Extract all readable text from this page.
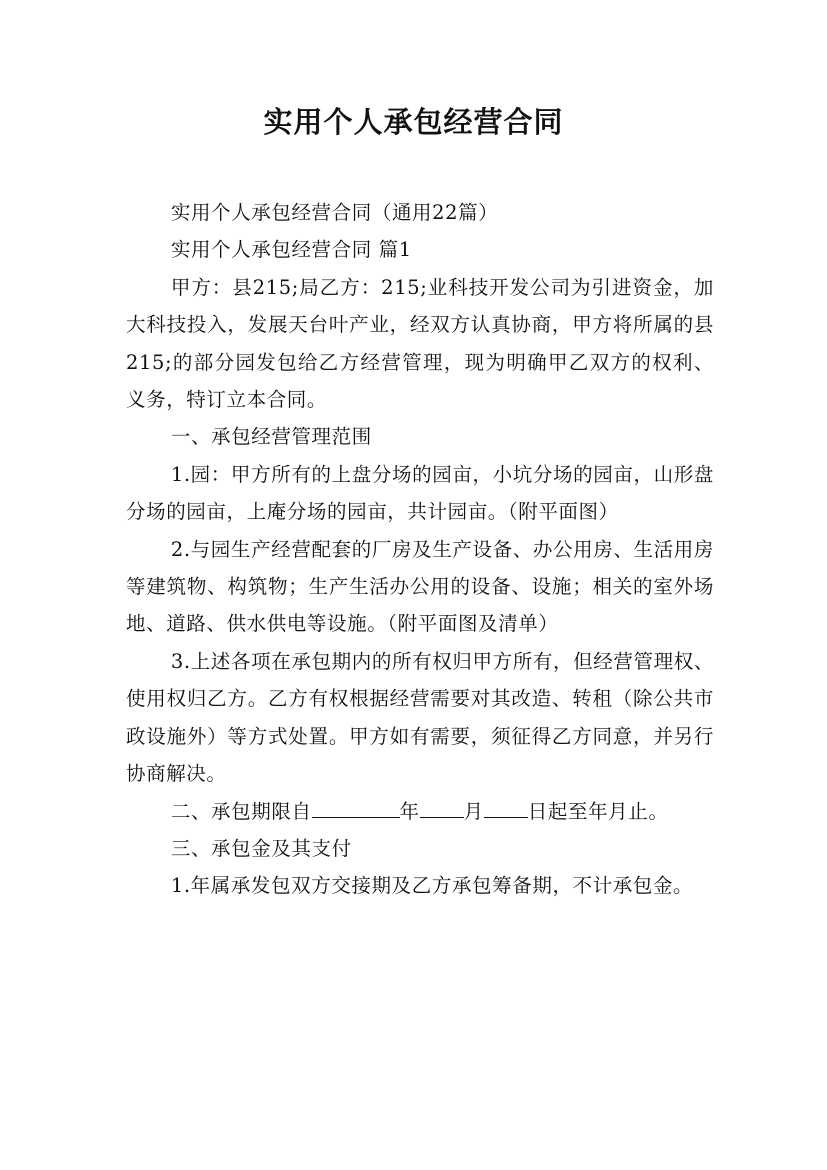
实用个人承包经营合同

实用个人承包经营合同（通用22篇）

实用个人承包经营合同 篇1

甲方：县215;局乙方：215;业科技开发公司为引进资金，加大科技投入，发展天台叶产业，经双方认真协商，甲方将所属的县215;的部分园发包给乙方经营管理，现为明确甲乙双方的权利、义务，特订立本合同。

一、承包经营管理范围

1.园：甲方所有的上盘分场的园亩，小坑分场的园亩，山形盘分场的园亩，上庵分场的园亩，共计园亩。（附平面图）

2.与园生产经营配套的厂房及生产设备、办公用房、生活用房等建筑物、构筑物；生产生活办公用的设备、设施；相关的室外场地、道路、供水供电等设施。（附平面图及清单）

3.上述各项在承包期内的所有权归甲方所有，但经营管理权、使用权归乙方。乙方有权根据经营需要对其改造、转租（除公共市政设施外）等方式处置。甲方如有需要，须征得乙方同意，并另行协商解决。

二、承包期限自	年 月 日起至年月止。

三、承包金及其支付

1.年属承发包双方交接期及乙方承包筹备期，不计承包金。
